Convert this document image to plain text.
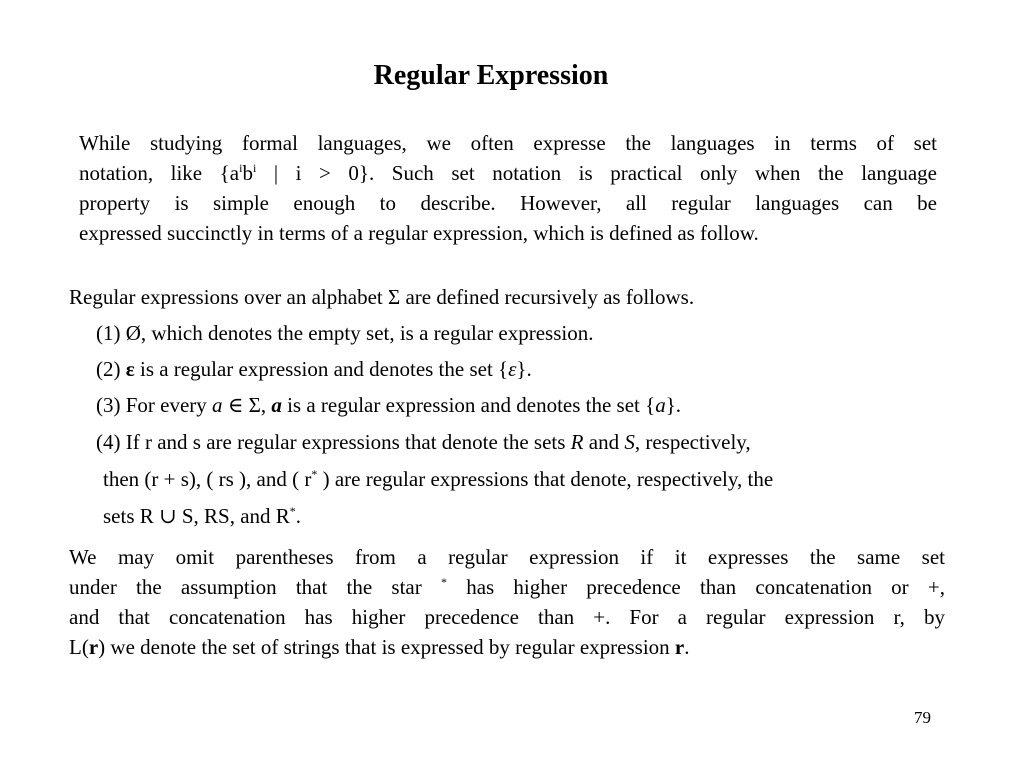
Regular Expression
While studying formal languages, we often expresse the languages in terms of set
notation, like {$a^ib^i$ | i > 0}. Such set notation is practical only when the language
property is simple enough to describe. However, all regular languages can be
expressed succinctly in terms of a regular expression, which is defined as follow.
Regular expressions over an alphabet Σ are defined recursively as follows.
(1) Ø, which denotes the empty set, is a regular expression.
(2) ε is a regular expression and denotes the set {ε}.
(3) For every a ∈ Σ, a is a regular expression and denotes the set {a}.
(4) If r and s are regular expressions that denote the sets R and S, respectively,
then (r + s), ( rs ), and ( r* ) are regular expressions that denote, respectively, the
sets R ∪ S, RS, and R*.
We may omit parentheses from a regular expression if it expresses the same set
under the assumption that the star * has higher precedence than concatenation or +,
and that concatenation has higher precedence than +. For a regular expression r, by
L(r) we denote the set of strings that is expressed by regular expression r.
79
